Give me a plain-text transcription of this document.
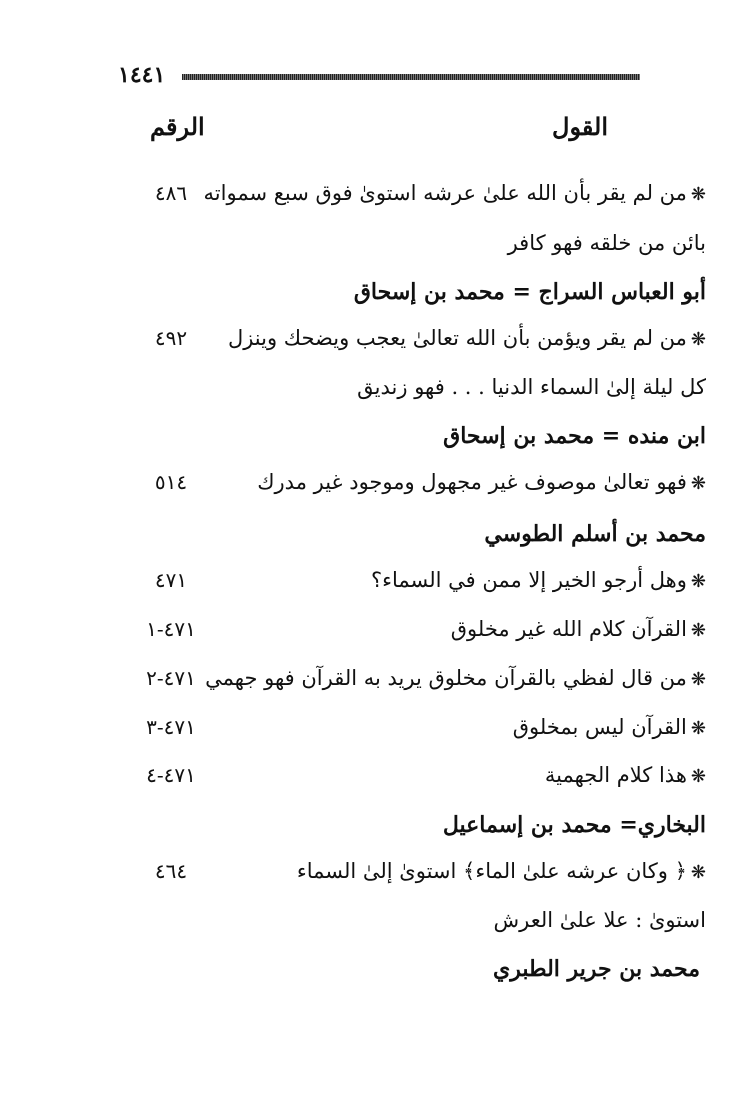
١٤٤١
القول
الرقم
❋من لم يقر بأن الله علىٰ عرشه استوىٰ فوق سبع سمواته
٤٨٦
بائن من خلقه فهو كافر
أبو العباس السراج = محمد بن إسحاق
❋من لم يقر ويؤمن بأن الله تعالىٰ يعجب ويضحك وينزل
٤٩٢
كل ليلة إلىٰ السماء الدنيا . . . فهو زنديق
ابن منده = محمد بن إسحاق
❋فهو تعالىٰ موصوف غير مجهول وموجود غير مدرك
٥١٤
محمد بن أسلم الطوسي
❋وهل أرجو الخير إلا ممن في السماء؟
٤٧١
❋القرآن كلام الله غير مخلوق
٤٧١-١
❋من قال لفظي بالقرآن مخلوق يريد به القرآن فهو جهمي
٤٧١-٢
❋القرآن ليس بمخلوق
٤٧١-٣
❋هذا كلام الجهمية
٤٧١-٤
البخاري= محمد بن إسماعيل
❋﴿ وكان عرشه علىٰ الماء﴾ استوىٰ إلىٰ السماء
٤٦٤
استوىٰ : علا علىٰ العرش
محمد بن جرير الطبري
